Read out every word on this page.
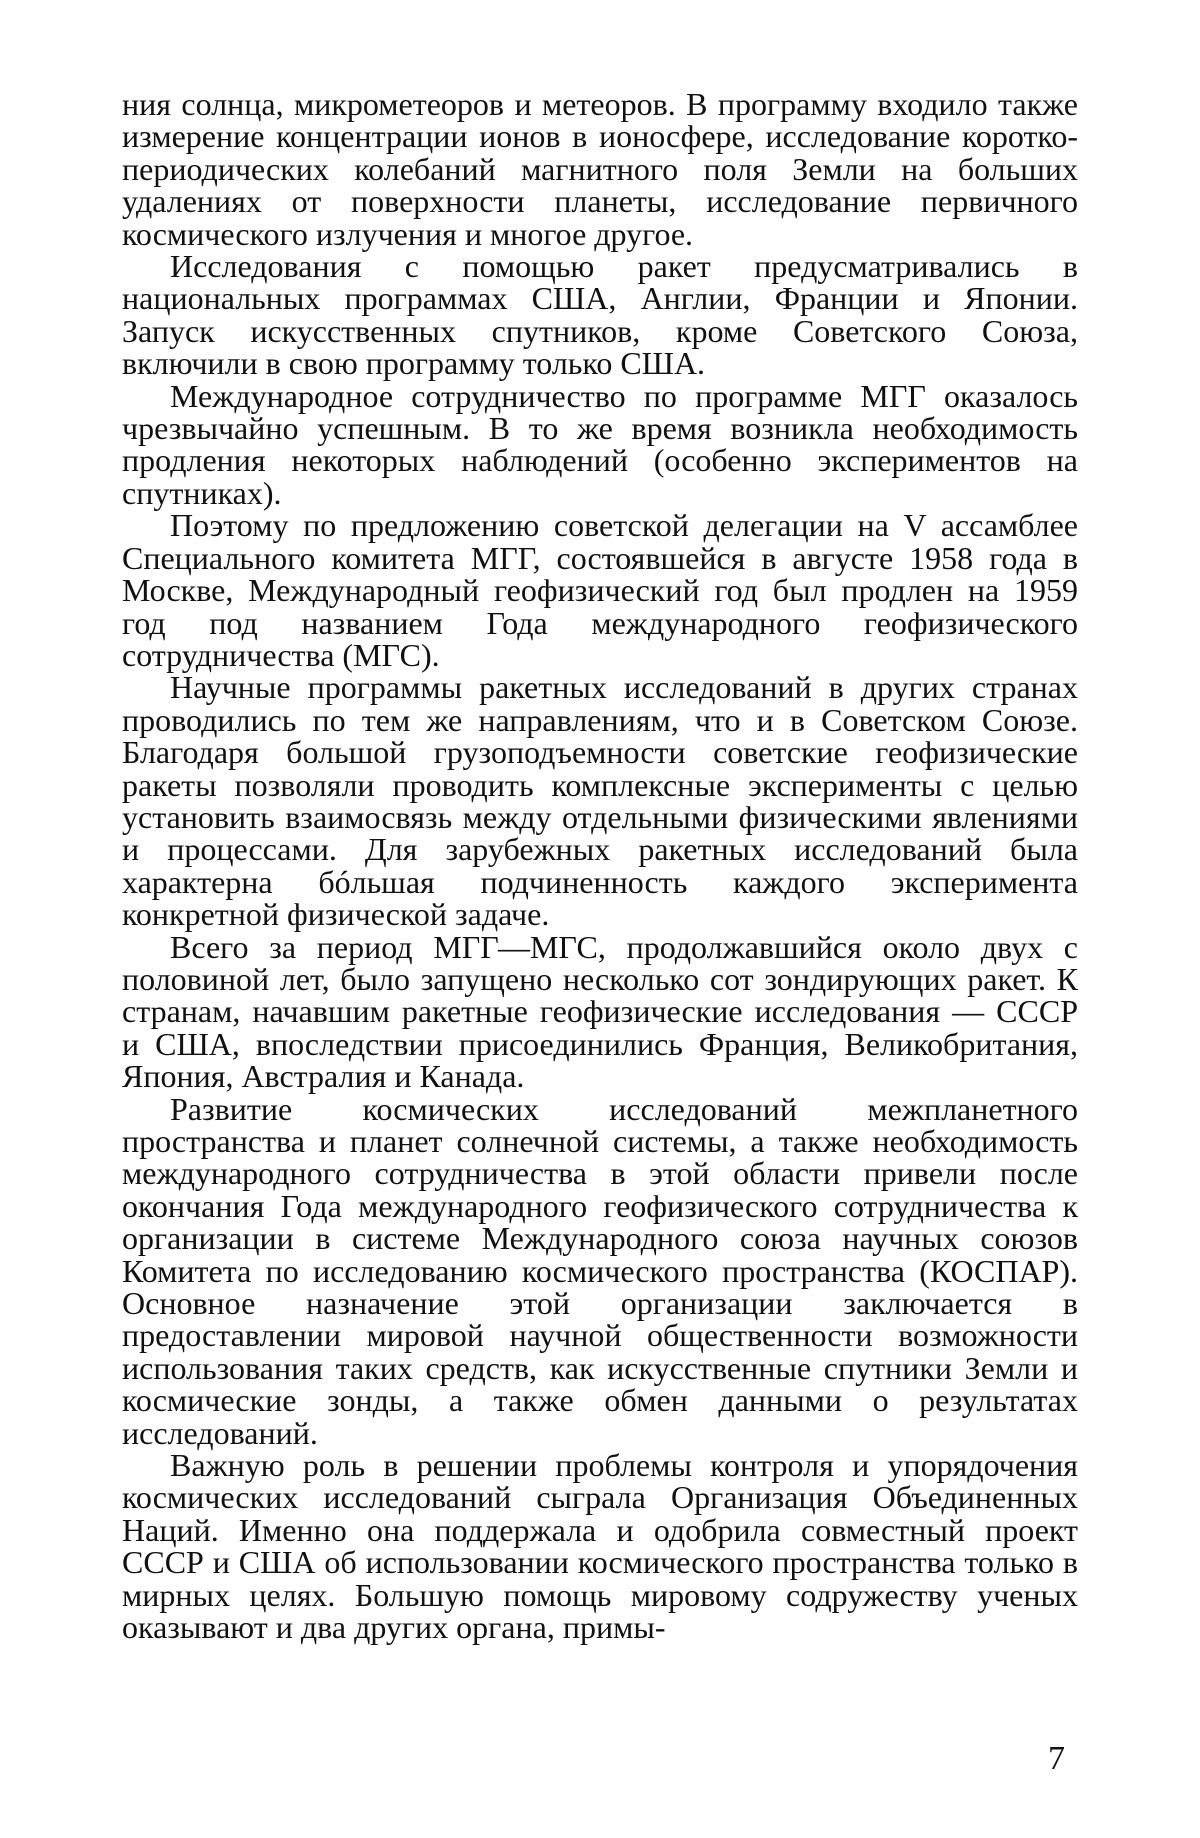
ния солнца, микрометеоров и метеоров. В программу входило также измерение концентрации ионов в ионосфере, исследование короткопериодических колебаний магнитного поля Земли на больших удалениях от поверхности планеты, исследование первичного космического излучения и многое другое.

Исследования с помощью ракет предусматривались в национальных программах США, Англии, Франции и Японии. Запуск искусственных спутников, кроме Советского Союза, включили в свою программу только США.

Международное сотрудничество по программе МГГ оказалось чрезвычайно успешным. В то же время возникла необходимость продления некоторых наблюдений (особенно экспериментов на спутниках).

Поэтому по предложению советской делегации на V ассамблее Специального комитета МГГ, состоявшейся в августе 1958 года в Москве, Международный геофизический год был продлен на 1959 год под названием Года международного геофизического сотрудничества (МГС).

Научные программы ракетных исследований в других странах проводились по тем же направлениям, что и в Советском Союзе. Благодаря большой грузоподъемности советские геофизические ракеты позволяли проводить комплексные эксперименты с целью установить взаимосвязь между отдельными физическими явлениями и процессами. Для зарубежных ракетных исследований была характерна бóльшая подчиненность каждого эксперимента конкретной физической задаче.

Всего за период МГГ—МГС, продолжавшийся около двух с половиной лет, было запущено несколько сот зондирующих ракет. К странам, начавшим ракетные геофизические исследования — СССР и США, впоследствии присоединились Франция, Великобритания, Япония, Австралия и Канада.

Развитие космических исследований межпланетного пространства и планет солнечной системы, а также необходимость международного сотрудничества в этой области привели после окончания Года международного геофизического сотрудничества к организации в системе Международного союза научных союзов Комитета по исследованию космического пространства (КОСПАР). Основное назначение этой организации заключается в предоставлении мировой научной общественности возможности использования таких средств, как искусственные спутники Земли и космические зонды, а также обмен данными о результатах исследований.

Важную роль в решении проблемы контроля и упорядочения космических исследований сыграла Организация Объединенных Наций. Именно она поддержала и одобрила совместный проект СССР и США об использовании космического пространства только в мирных целях. Большую помощь мировому содружеству ученых оказывают и два других органа, примы-

7
